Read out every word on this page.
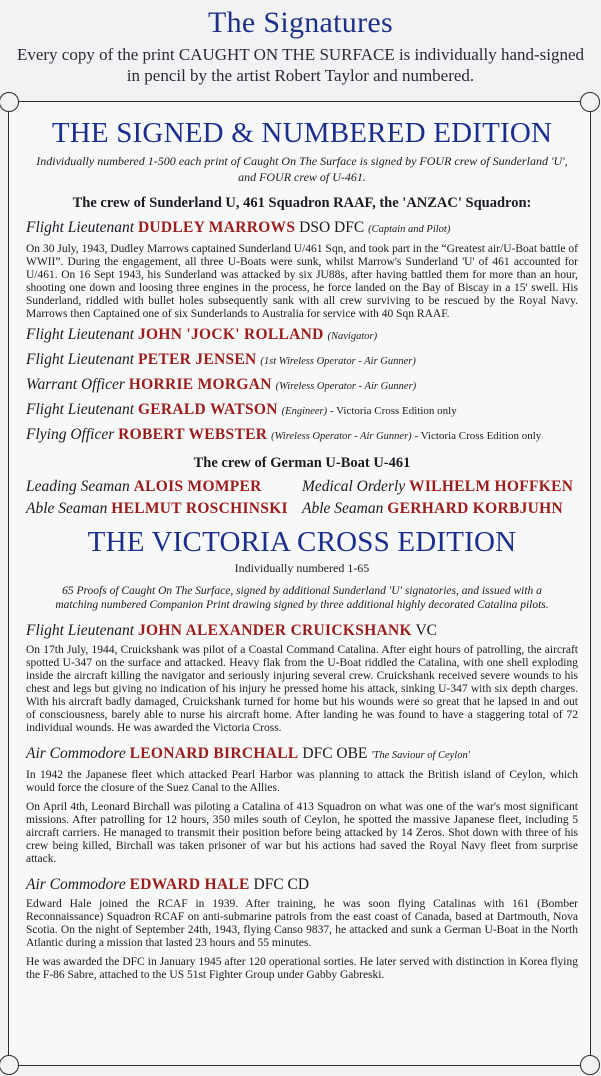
The Signatures
Every copy of the print CAUGHT ON THE SURFACE is individually hand-signed in pencil by the artist Robert Taylor and numbered.
THE SIGNED & NUMBERED EDITION
Individually numbered 1-500 each print of Caught On The Surface is signed by FOUR crew of Sunderland 'U', and FOUR crew of U-461.
The crew of Sunderland U, 461 Squadron RAAF, the 'ANZAC' Squadron:
Flight Lieutenant DUDLEY MARROWS DSO DFC (Captain and Pilot)
On 30 July, 1943, Dudley Marrows captained Sunderland U/461 Sqn, and took part in the “Greatest air/U-Boat battle of WWII”. During the engagement, all three U-Boats were sunk, whilst Marrow's Sunderland 'U' of 461 accounted for U/461. On 16 Sept 1943, his Sunderland was attacked by six JU88s, after having battled them for more than an hour, shooting one down and loosing three engines in the process, he force landed on the Bay of Biscay in a 15' swell. His Sunderland, riddled with bullet holes subsequently sank with all crew surviving to be rescued by the Royal Navy. Marrows then Captained one of six Sunderlands to Australia for service with 40 Sqn RAAF.
Flight Lieutenant JOHN 'JOCK' ROLLAND (Navigator)
Flight Lieutenant PETER JENSEN (1st Wireless Operator - Air Gunner)
Warrant Officer HORRIE MORGAN (Wireless Operator - Air Gunner)
Flight Lieutenant GERALD WATSON (Engineer) - Victoria Cross Edition only
Flying Officer ROBERT WEBSTER (Wireless Operator - Air Gunner) - Victoria Cross Edition only
The crew of German U-Boat U-461
Leading Seaman ALOIS MOMPER	Medical Orderly WILHELM HOFFKEN
Able Seaman HELMUT ROSCHINSKI Able Seaman GERHARD KORBJUHN
THE VICTORIA CROSS EDITION
Individually numbered 1-65
65 Proofs of Caught On The Surface, signed by additional Sunderland 'U' signatories, and issued with a matching numbered Companion Print drawing signed by three additional highly decorated Catalina pilots.
Flight Lieutenant JOHN ALEXANDER CRUICKSHANK VC
On 17th July, 1944, Cruickshank was pilot of a Coastal Command Catalina. After eight hours of patrolling, the aircraft spotted U-347 on the surface and attacked. Heavy flak from the U-Boat riddled the Catalina, with one shell exploding inside the aircraft killing the navigator and seriously injuring several crew. Cruickshank received severe wounds to his chest and legs but giving no indication of his injury he pressed home his attack, sinking U-347 with six depth charges. With his aircraft badly damaged, Cruickshank turned for home but his wounds were so great that he lapsed in and out of consciousness, barely able to nurse his aircraft home. After landing he was found to have a staggering total of 72 individual wounds. He was awarded the Victoria Cross.
Air Commodore LEONARD BIRCHALL DFC OBE 'The Saviour of Ceylon'
In 1942 the Japanese fleet which attacked Pearl Harbor was planning to attack the British island of Ceylon, which would force the closure of the Suez Canal to the Allies.
On April 4th, Leonard Birchall was piloting a Catalina of 413 Squadron on what was one of the war's most significant missions. After patrolling for 12 hours, 350 miles south of Ceylon, he spotted the massive Japanese fleet, including 5 aircraft carriers. He managed to transmit their position before being attacked by 14 Zeros. Shot down with three of his crew being killed, Birchall was taken prisoner of war but his actions had saved the Royal Navy fleet from surprise attack.
Air Commodore EDWARD HALE DFC CD
Edward Hale joined the RCAF in 1939. After training, he was soon flying Catalinas with 161 (Bomber Reconnaissance) Squadron RCAF on anti-submarine patrols from the east coast of Canada, based at Dartmouth, Nova Scotia. On the night of September 24th, 1943, flying Canso 9837, he attacked and sunk a German U-Boat in the North Atlantic during a mission that lasted 23 hours and 55 minutes.
He was awarded the DFC in January 1945 after 120 operational sorties. He later served with distinction in Korea flying the F-86 Sabre, attached to the US 51st Fighter Group under Gabby Gabreski.
